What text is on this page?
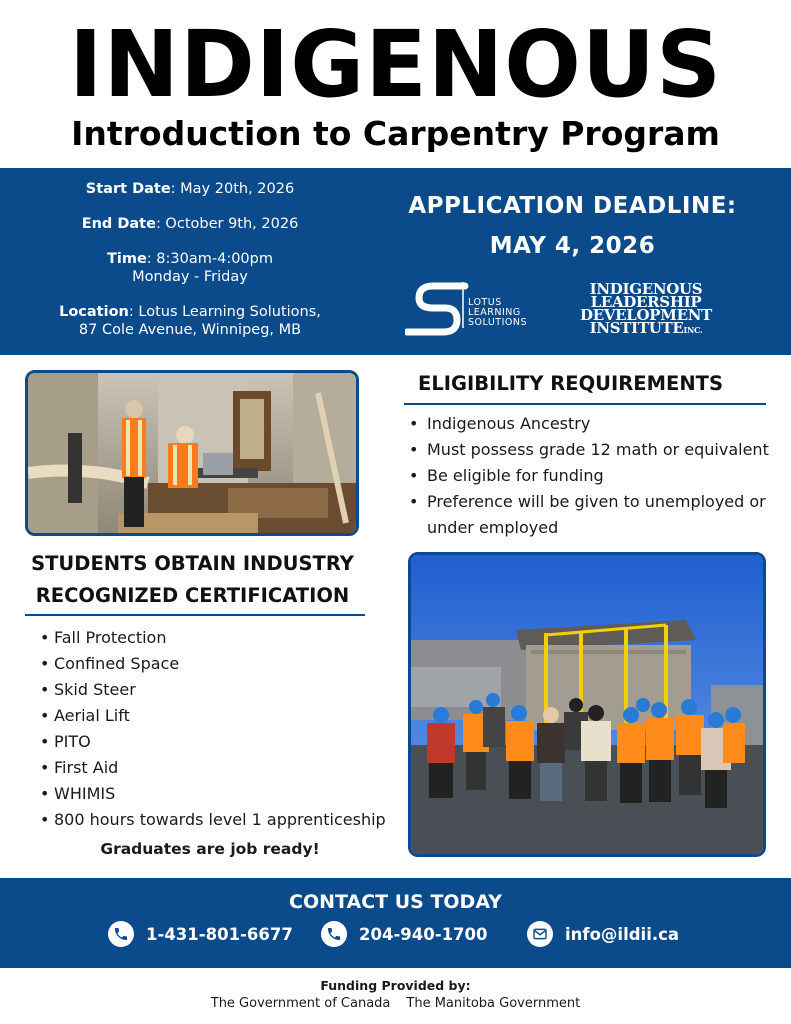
INDIGENOUS
Introduction to Carpentry Program
Start Date: May 20th, 2026
End Date: October 9th, 2026
Time: 8:30am-4:00pm
Monday - Friday
Location: Lotus Learning Solutions,
87 Cole Avenue, Winnipeg, MB
APPLICATION DEADLINE:
MAY 4, 2026
LOTUS
LEARNING
SOLUTIONS
INDIGENOUS
LEADERSHIP
DEVELOPMENT
INSTITUTEINC.
ELIGIBILITY REQUIREMENTS
• Indigenous Ancestry
• Must possess grade 12 math or equivalent
• Be eligible for funding
• Preference will be given to unemployed or under employed
STUDENTS OBTAIN INDUSTRY
RECOGNIZED CERTIFICATION
• Fall Protection
• Confined Space
• Skid Steer
• Aerial Lift
• PITO
• First Aid
• WHIMIS
• 800 hours towards level 1 apprenticeship
Graduates are job ready!
CONTACT US TODAY
1-431-801-6677	204-940-1700	info@ildii.ca
Funding Provided by:
The Government of Canada The Manitoba Government
